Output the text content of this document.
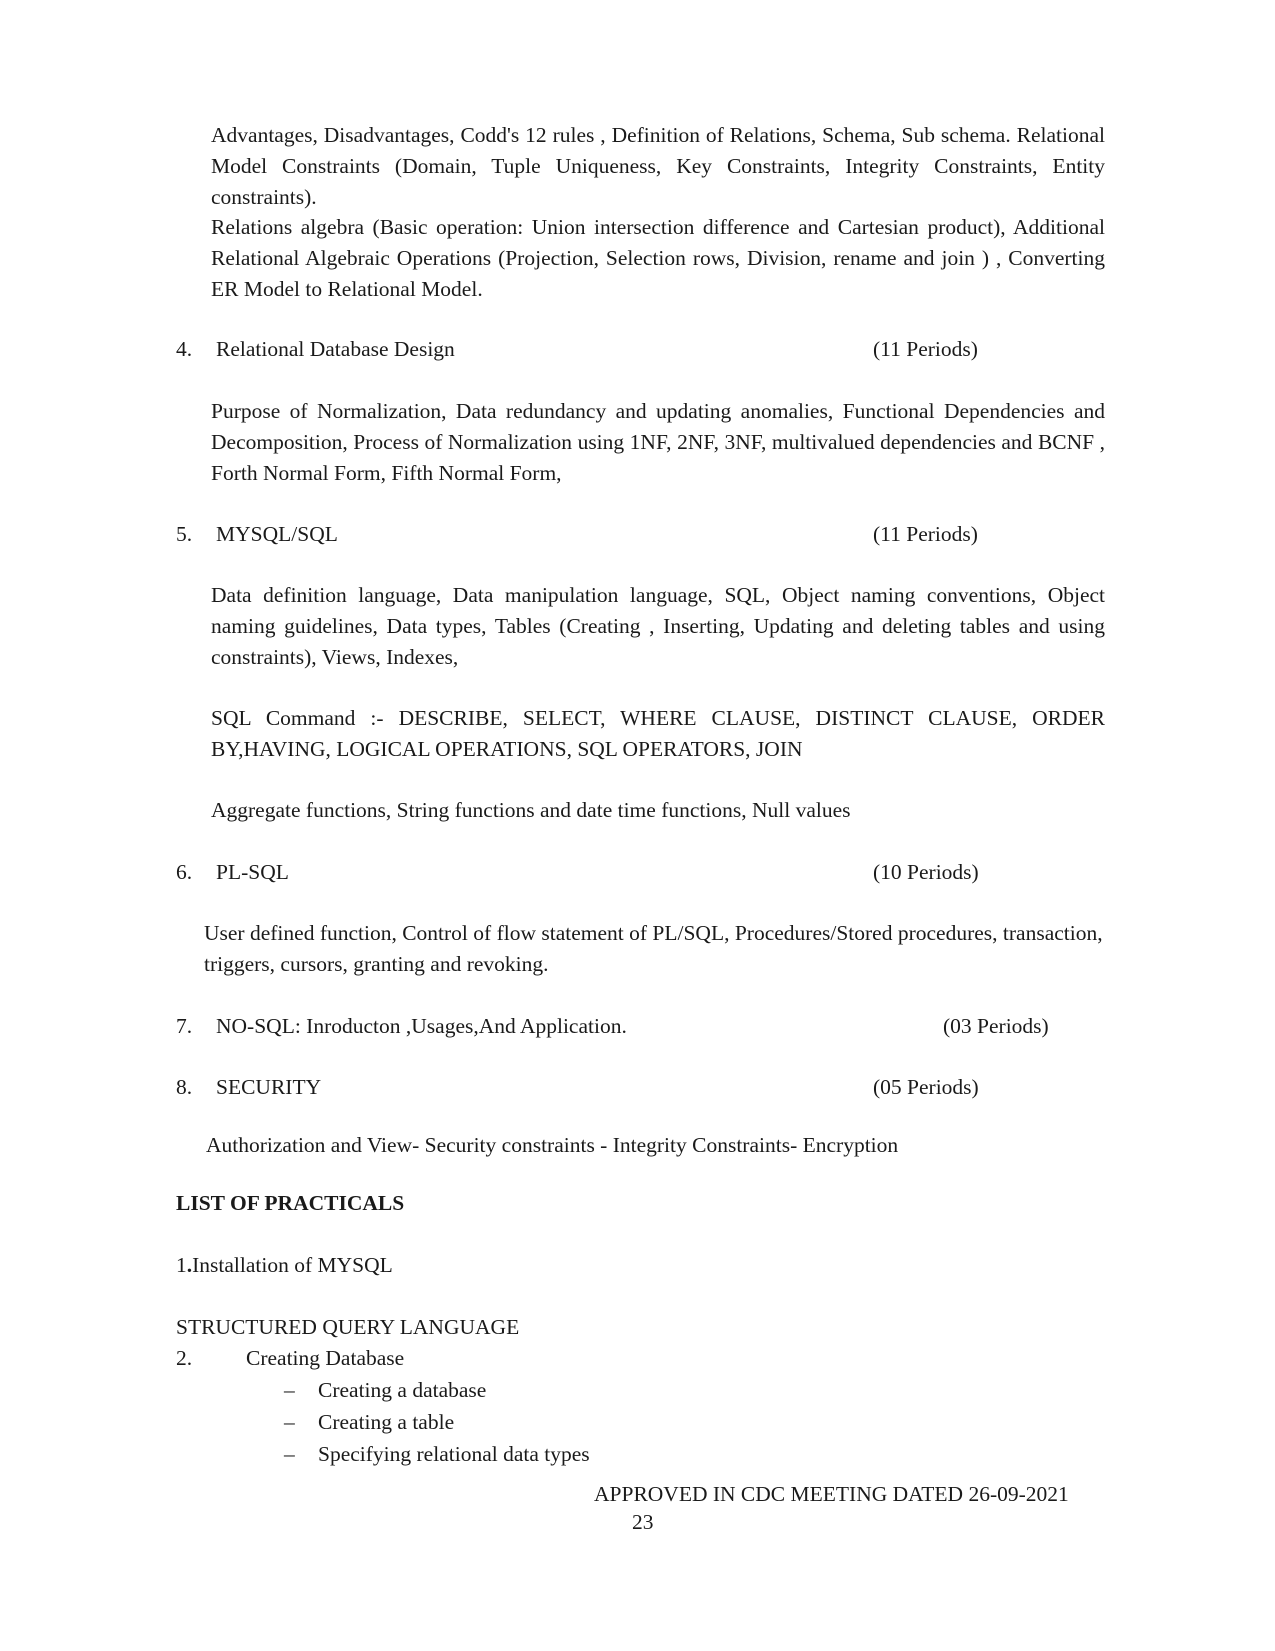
Advantages, Disadvantages, Codd's 12 rules , Definition of Relations, Schema, Sub schema. Relational Model Constraints (Domain, Tuple Uniqueness, Key Constraints, Integrity Constraints, Entity constraints).
Relations algebra (Basic operation: Union intersection difference and Cartesian product), Additional Relational Algebraic Operations (Projection, Selection rows, Division, rename and join ) , Converting ER Model to Relational Model.
4. Relational Database Design	(11 Periods)
Purpose of Normalization, Data redundancy and updating anomalies, Functional Dependencies and Decomposition, Process of Normalization using 1NF, 2NF, 3NF, multivalued dependencies and BCNF , Forth Normal Form, Fifth Normal Form,
5. MYSQL/SQL	(11 Periods)
Data definition language, Data manipulation language, SQL, Object naming conventions, Object naming guidelines, Data types, Tables (Creating , Inserting, Updating and deleting tables and using constraints), Views, Indexes,
SQL Command :- DESCRIBE, SELECT, WHERE CLAUSE, DISTINCT CLAUSE, ORDER BY,HAVING, LOGICAL OPERATIONS, SQL OPERATORS, JOIN
Aggregate functions, String functions and date time functions, Null values
6. PL-SQL	(10 Periods)
User defined function, Control of flow statement of PL/SQL, Procedures/Stored procedures, transaction, triggers, cursors, granting and revoking.
7. NO-SQL: Inroducton ,Usages,And Application.	(03 Periods)
8. SECURITY	(05 Periods)
Authorization and View- Security constraints - Integrity Constraints- Encryption
LIST OF PRACTICALS
1.Installation of MYSQL
STRUCTURED QUERY LANGUAGE
2.	Creating Database
– Creating a database
– Creating a table
– Specifying relational data types
APPROVED IN CDC MEETING DATED 26-09-2021
23
